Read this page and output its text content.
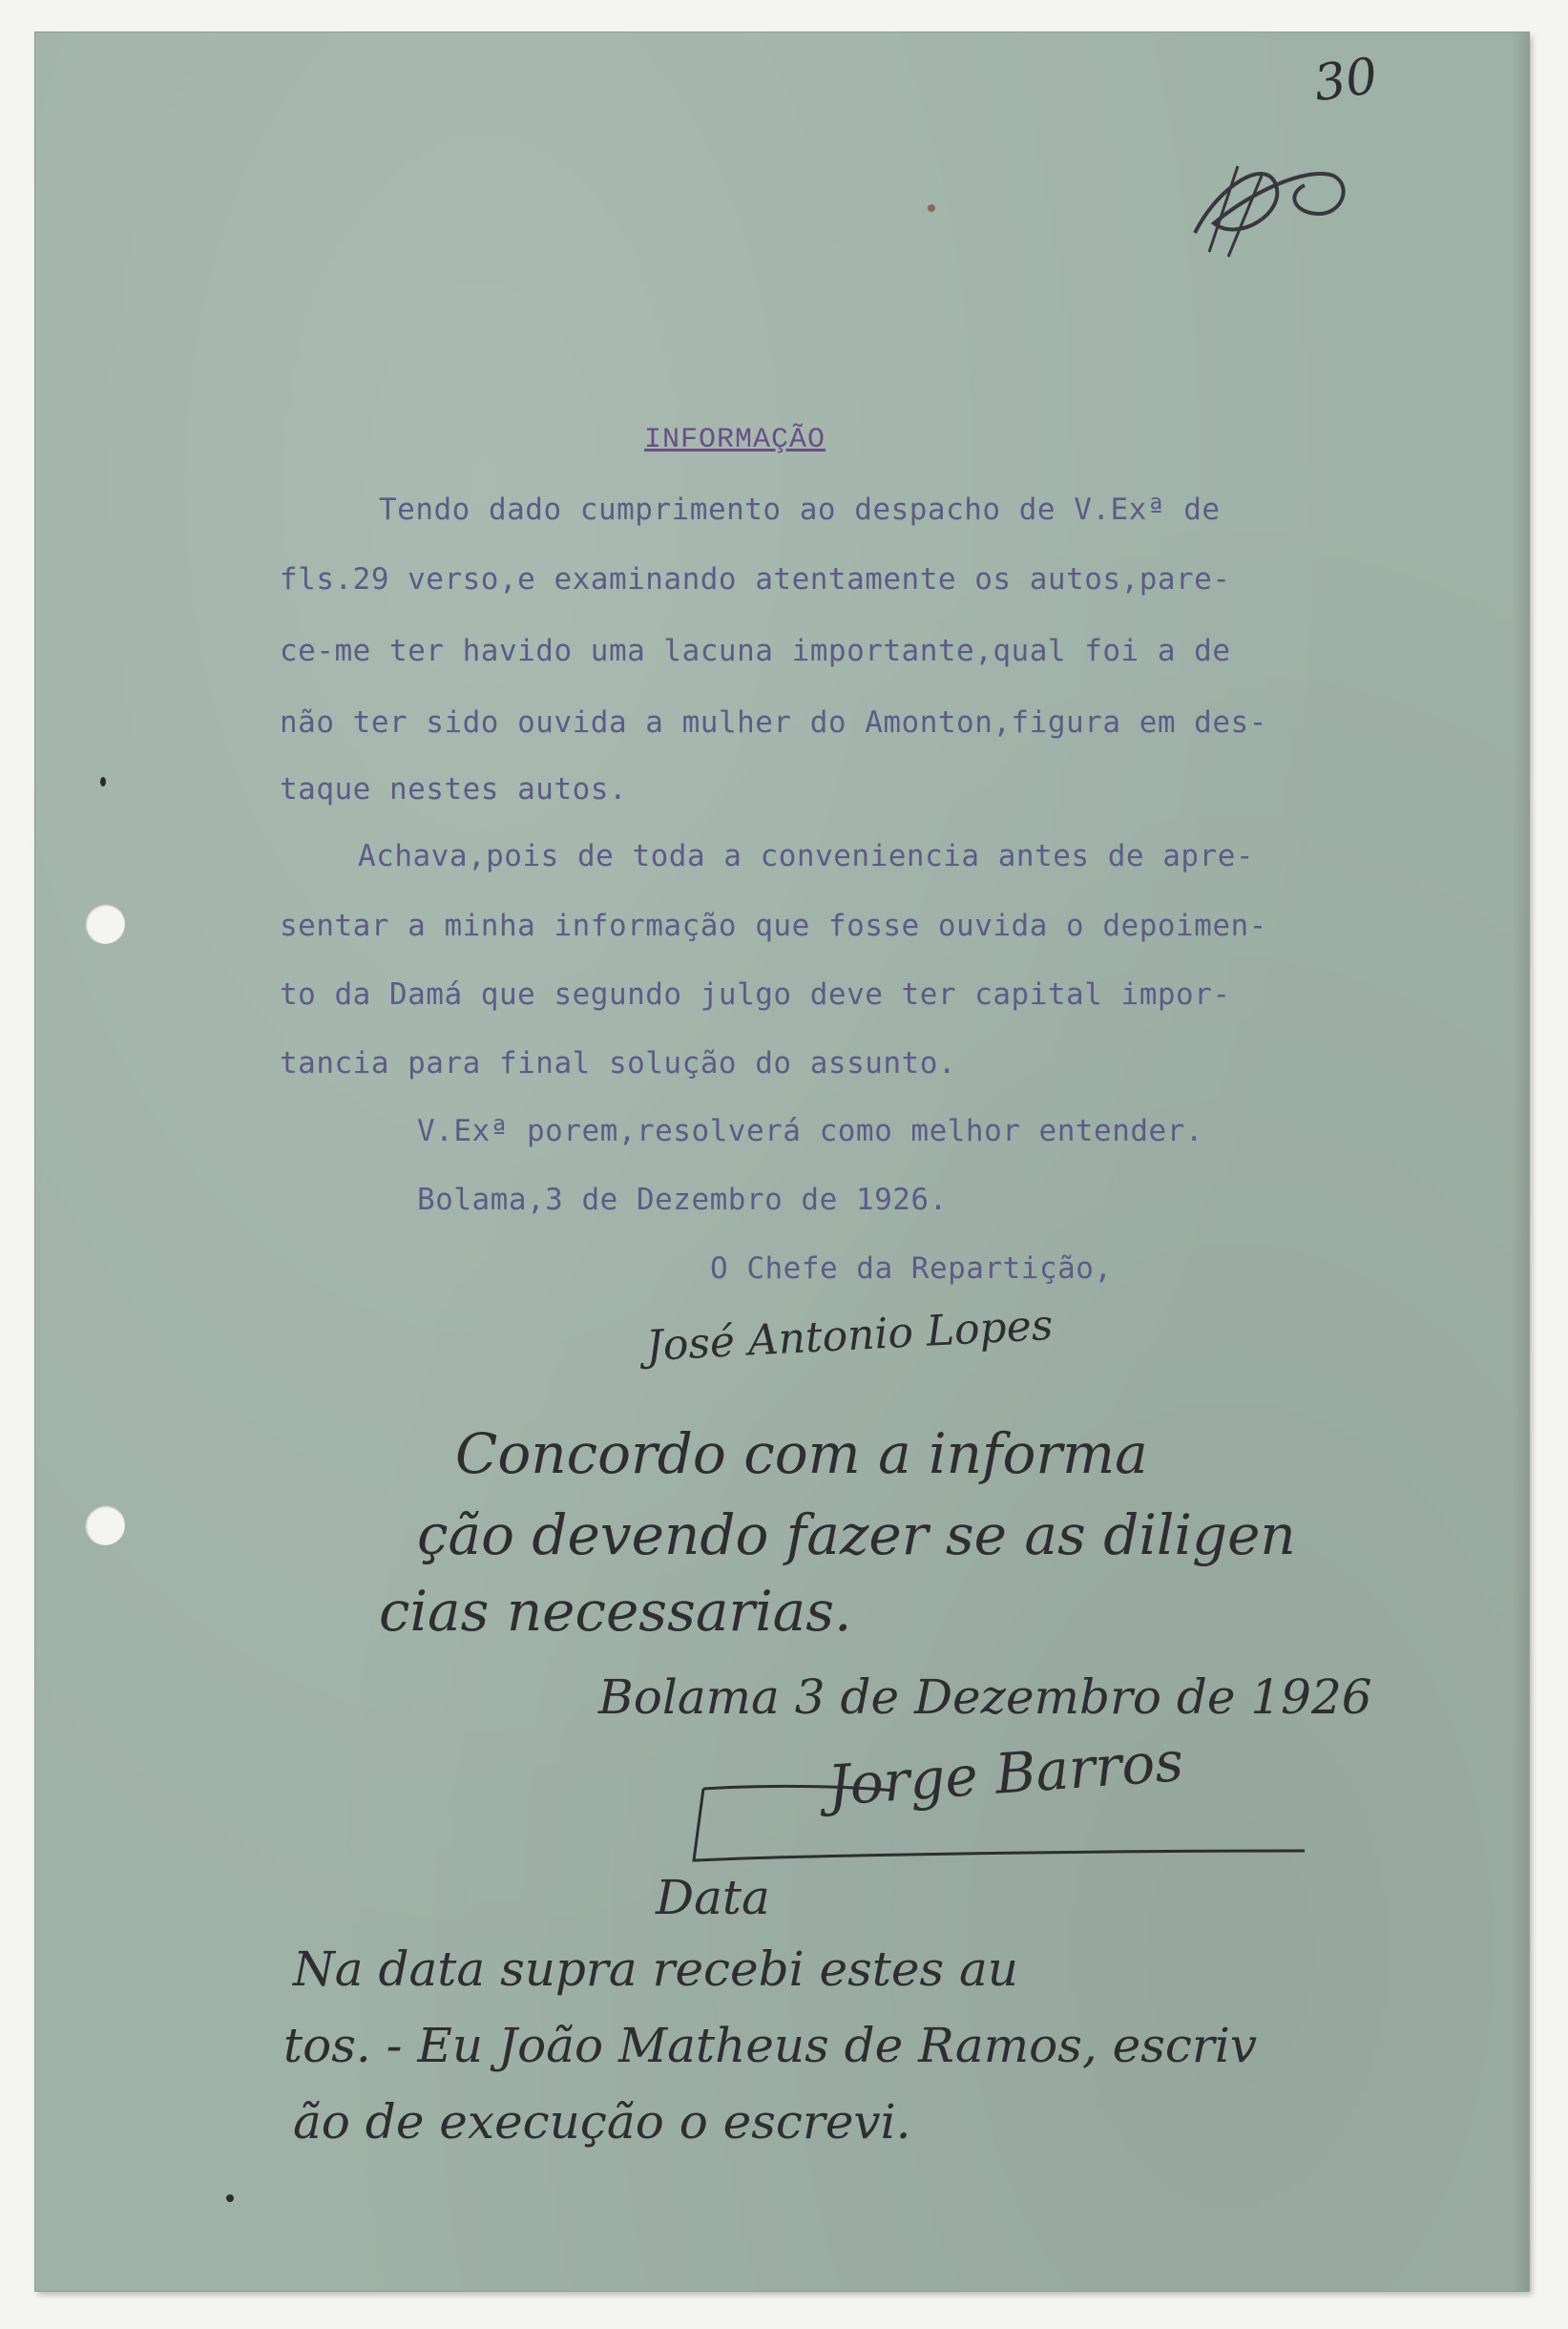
30
INFORMAÇÃO
Tendo dado cumprimento ao despacho de V.Exª de
fls.29 verso,e examinando atentamente os autos,pare-
ce-me ter havido uma lacuna importante,qual foi a de
não ter sido ouvida a mulher do Amonton,figura em des-
taque nestes autos.
Achava,pois de toda a conveniencia antes de apre-
sentar a minha informação que fosse ouvida o depoimen-
to da Damá que segundo julgo deve ter capital impor-
tancia para final solução do assunto.
V.Exª porem,resolverá como melhor entender.
Bolama,3 de Dezembro de 1926.
O Chefe da Repartição,
José Antonio Lopes
Concordo com a informa
ção devendo fazer se as diligen
cias necessarias.
Bolama 3 de Dezembro de 1926
Jorge Barros
Data
Na data supra recebi estes au
tos. - Eu João Matheus de Ramos, escriv
ão de execução o escrevi.
